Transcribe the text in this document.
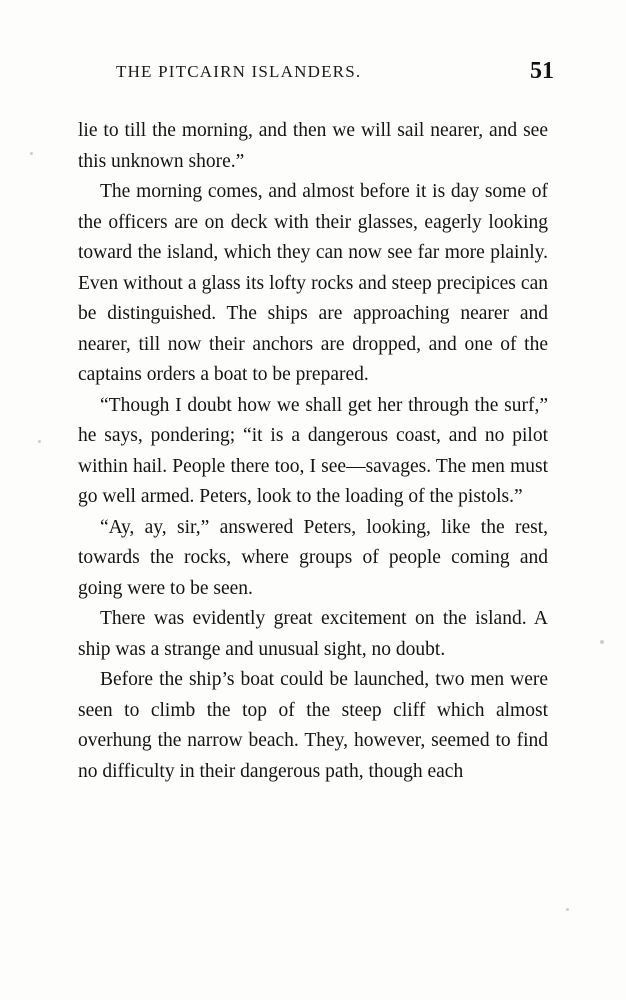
THE PITCAIRN ISLANDERS.	51

lie to till the morning, and then we will sail nearer, and see this unknown shore.”

The morning comes, and almost before it is day some of the officers are on deck with their glasses, eagerly looking toward the island, which they can now see far more plainly. Even without a glass its lofty rocks and steep precipices can be distinguished. The ships are approaching nearer and nearer, till now their anchors are dropped, and one of the captains orders a boat to be prepared.

“Though I doubt how we shall get her through the surf,” he says, pondering; “it is a dangerous coast, and no pilot within hail. People there too, I see—savages. The men must go well armed. Peters, look to the loading of the pistols.”

“Ay, ay, sir,” answered Peters, looking, like the rest, towards the rocks, where groups of people coming and going were to be seen.

There was evidently great excitement on the island. A ship was a strange and unusual sight, no doubt.

Before the ship’s boat could be launched, two men were seen to climb the top of the steep cliff which almost overhung the narrow beach. They, however, seemed to find no difficulty in their dangerous path, though each
